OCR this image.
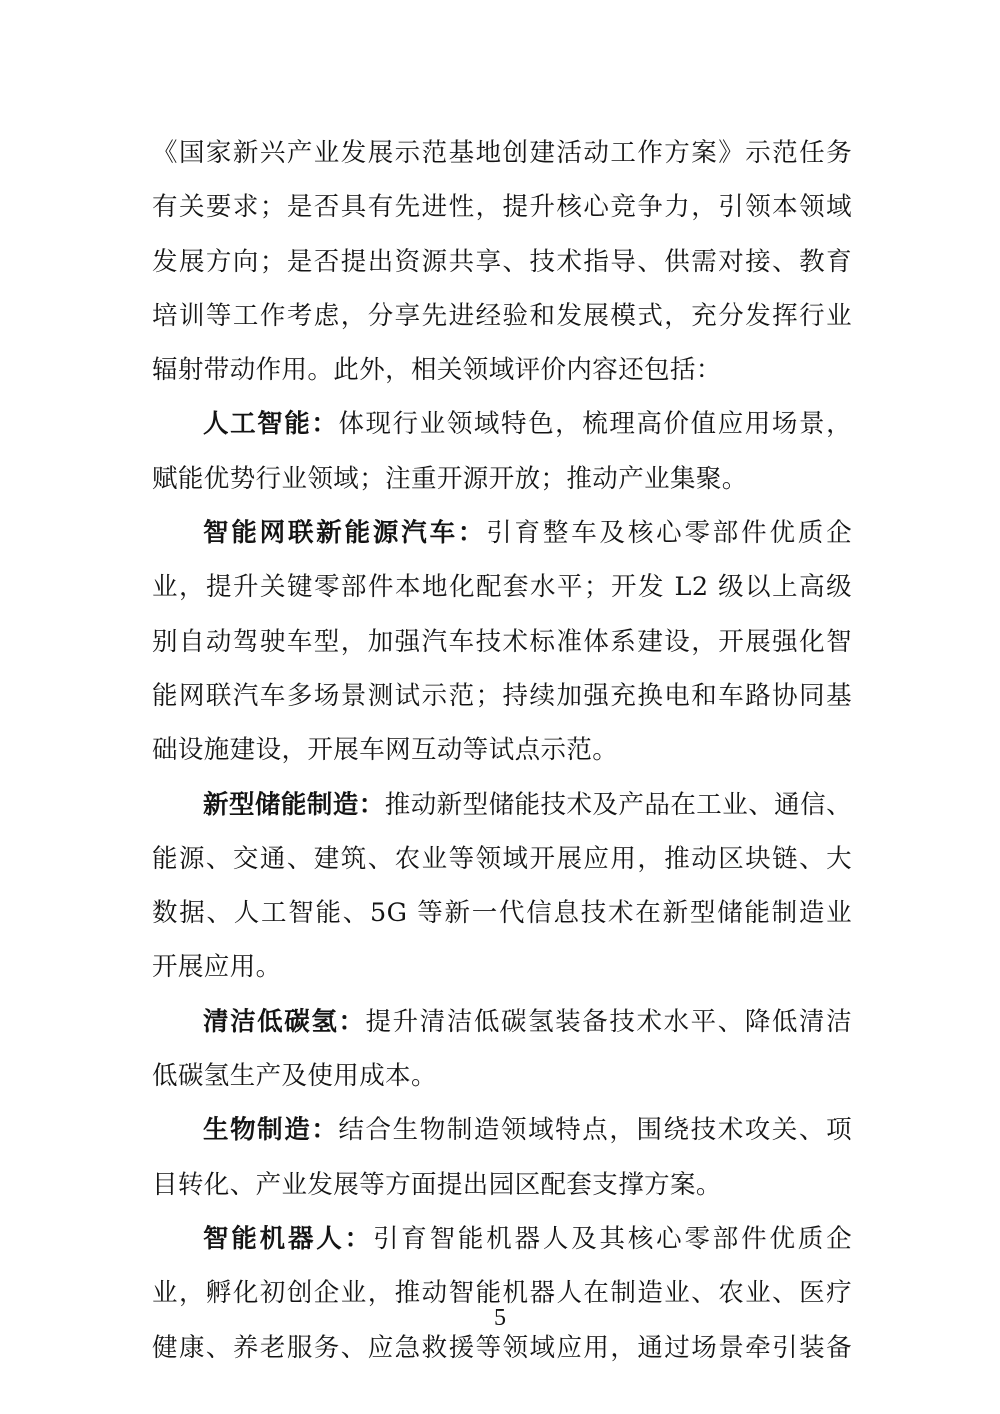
《国家新兴产业发展示范基地创建活动工作方案》示范任务
有关要求；是否具有先进性，提升核心竞争力，引领本领域
发展方向；是否提出资源共享、技术指导、供需对接、教育
培训等工作考虑，分享先进经验和发展模式，充分发挥行业
辐射带动作用。此外，相关领域评价内容还包括：
人工智能：体现行业领域特色，梳理高价值应用场景，
赋能优势行业领域；注重开源开放；推动产业集聚。
智能网联新能源汽车：引育整车及核心零部件优质企
业，提升关键零部件本地化配套水平；开发 L2 级以上高级
别自动驾驶车型，加强汽车技术标准体系建设，开展强化智
能网联汽车多场景测试示范；持续加强充换电和车路协同基
础设施建设，开展车网互动等试点示范。
新型储能制造：推动新型储能技术及产品在工业、通信、
能源、交通、建筑、农业等领域开展应用，推动区块链、大
数据、人工智能、5G 等新一代信息技术在新型储能制造业
开展应用。
清洁低碳氢：提升清洁低碳氢装备技术水平、降低清洁
低碳氢生产及使用成本。
生物制造：结合生物制造领域特点，围绕技术攻关、项
目转化、产业发展等方面提出园区配套支撑方案。
智能机器人：引育智能机器人及其核心零部件优质企
业，孵化初创企业，推动智能机器人在制造业、农业、医疗
健康、养老服务、应急救援等领域应用，通过场景牵引装备
5
